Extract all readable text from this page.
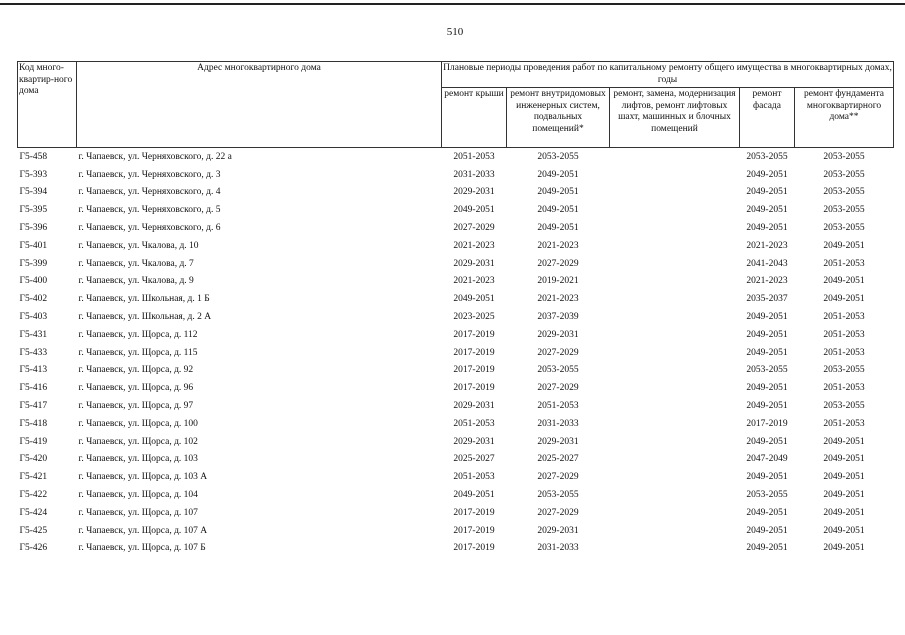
510
Код много-квартир-ного дома	Адрес многоквартирного дома	Плановые периоды проведения работ по капитальному ремонту общего имущества в многоквартирных домах, годы				
		ремонт крыши	ремонт внутридомовых инженерных систем, подвальных помещений*	ремонт, замена, модернизация лифтов, ремонт лифтовых шахт, машинных и блочных помещений	ремонт фасада	ремонт фундамента многоквартирного дома**
Г5-458	г. Чапаевск, ул. Черняховского, д. 22 а	2051-2053	2053-2055		2053-2055	2053-2055
Г5-393	г. Чапаевск, ул. Черняховского, д. 3	2031-2033	2049-2051		2049-2051	2053-2055
Г5-394	г. Чапаевск, ул. Черняховского, д. 4	2029-2031	2049-2051		2049-2051	2053-2055
Г5-395	г. Чапаевск, ул. Черняховского, д. 5	2049-2051	2049-2051		2049-2051	2053-2055
Г5-396	г. Чапаевск, ул. Черняховского, д. 6	2027-2029	2049-2051		2049-2051	2053-2055
Г5-401	г. Чапаевск, ул. Чкалова, д. 10	2021-2023	2021-2023		2021-2023	2049-2051
Г5-399	г. Чапаевск, ул. Чкалова, д. 7	2029-2031	2027-2029		2041-2043	2051-2053
Г5-400	г. Чапаевск, ул. Чкалова, д. 9	2021-2023	2019-2021		2021-2023	2049-2051
Г5-402	г. Чапаевск, ул. Школьная, д. 1 Б	2049-2051	2021-2023		2035-2037	2049-2051
Г5-403	г. Чапаевск, ул. Школьная, д. 2 А	2023-2025	2037-2039		2049-2051	2051-2053
Г5-431	г. Чапаевск, ул. Щорса, д. 112	2017-2019	2029-2031		2049-2051	2051-2053
Г5-433	г. Чапаевск, ул. Щорса, д. 115	2017-2019	2027-2029		2049-2051	2051-2053
Г5-413	г. Чапаевск, ул. Щорса, д. 92	2017-2019	2053-2055		2053-2055	2053-2055
Г5-416	г. Чапаевск, ул. Щорса, д. 96	2017-2019	2027-2029		2049-2051	2051-2053
Г5-417	г. Чапаевск, ул. Щорса, д. 97	2029-2031	2051-2053		2049-2051	2053-2055
Г5-418	г. Чапаевск, ул. Щорса, д. 100	2051-2053	2031-2033		2017-2019	2051-2053
Г5-419	г. Чапаевск, ул. Щорса, д. 102	2029-2031	2029-2031		2049-2051	2049-2051
Г5-420	г. Чапаевск, ул. Щорса, д. 103	2025-2027	2025-2027		2047-2049	2049-2051
Г5-421	г. Чапаевск, ул. Щорса, д. 103 А	2051-2053	2027-2029		2049-2051	2049-2051
Г5-422	г. Чапаевск, ул. Щорса, д. 104	2049-2051	2053-2055		2053-2055	2049-2051
Г5-424	г. Чапаевск, ул. Щорса, д. 107	2017-2019	2027-2029		2049-2051	2049-2051
Г5-425	г. Чапаевск, ул. Щорса, д. 107 А	2017-2019	2029-2031		2049-2051	2049-2051
Г5-426	г. Чапаевск, ул. Щорса, д. 107 Б	2017-2019	2031-2033		2049-2051	2049-2051
